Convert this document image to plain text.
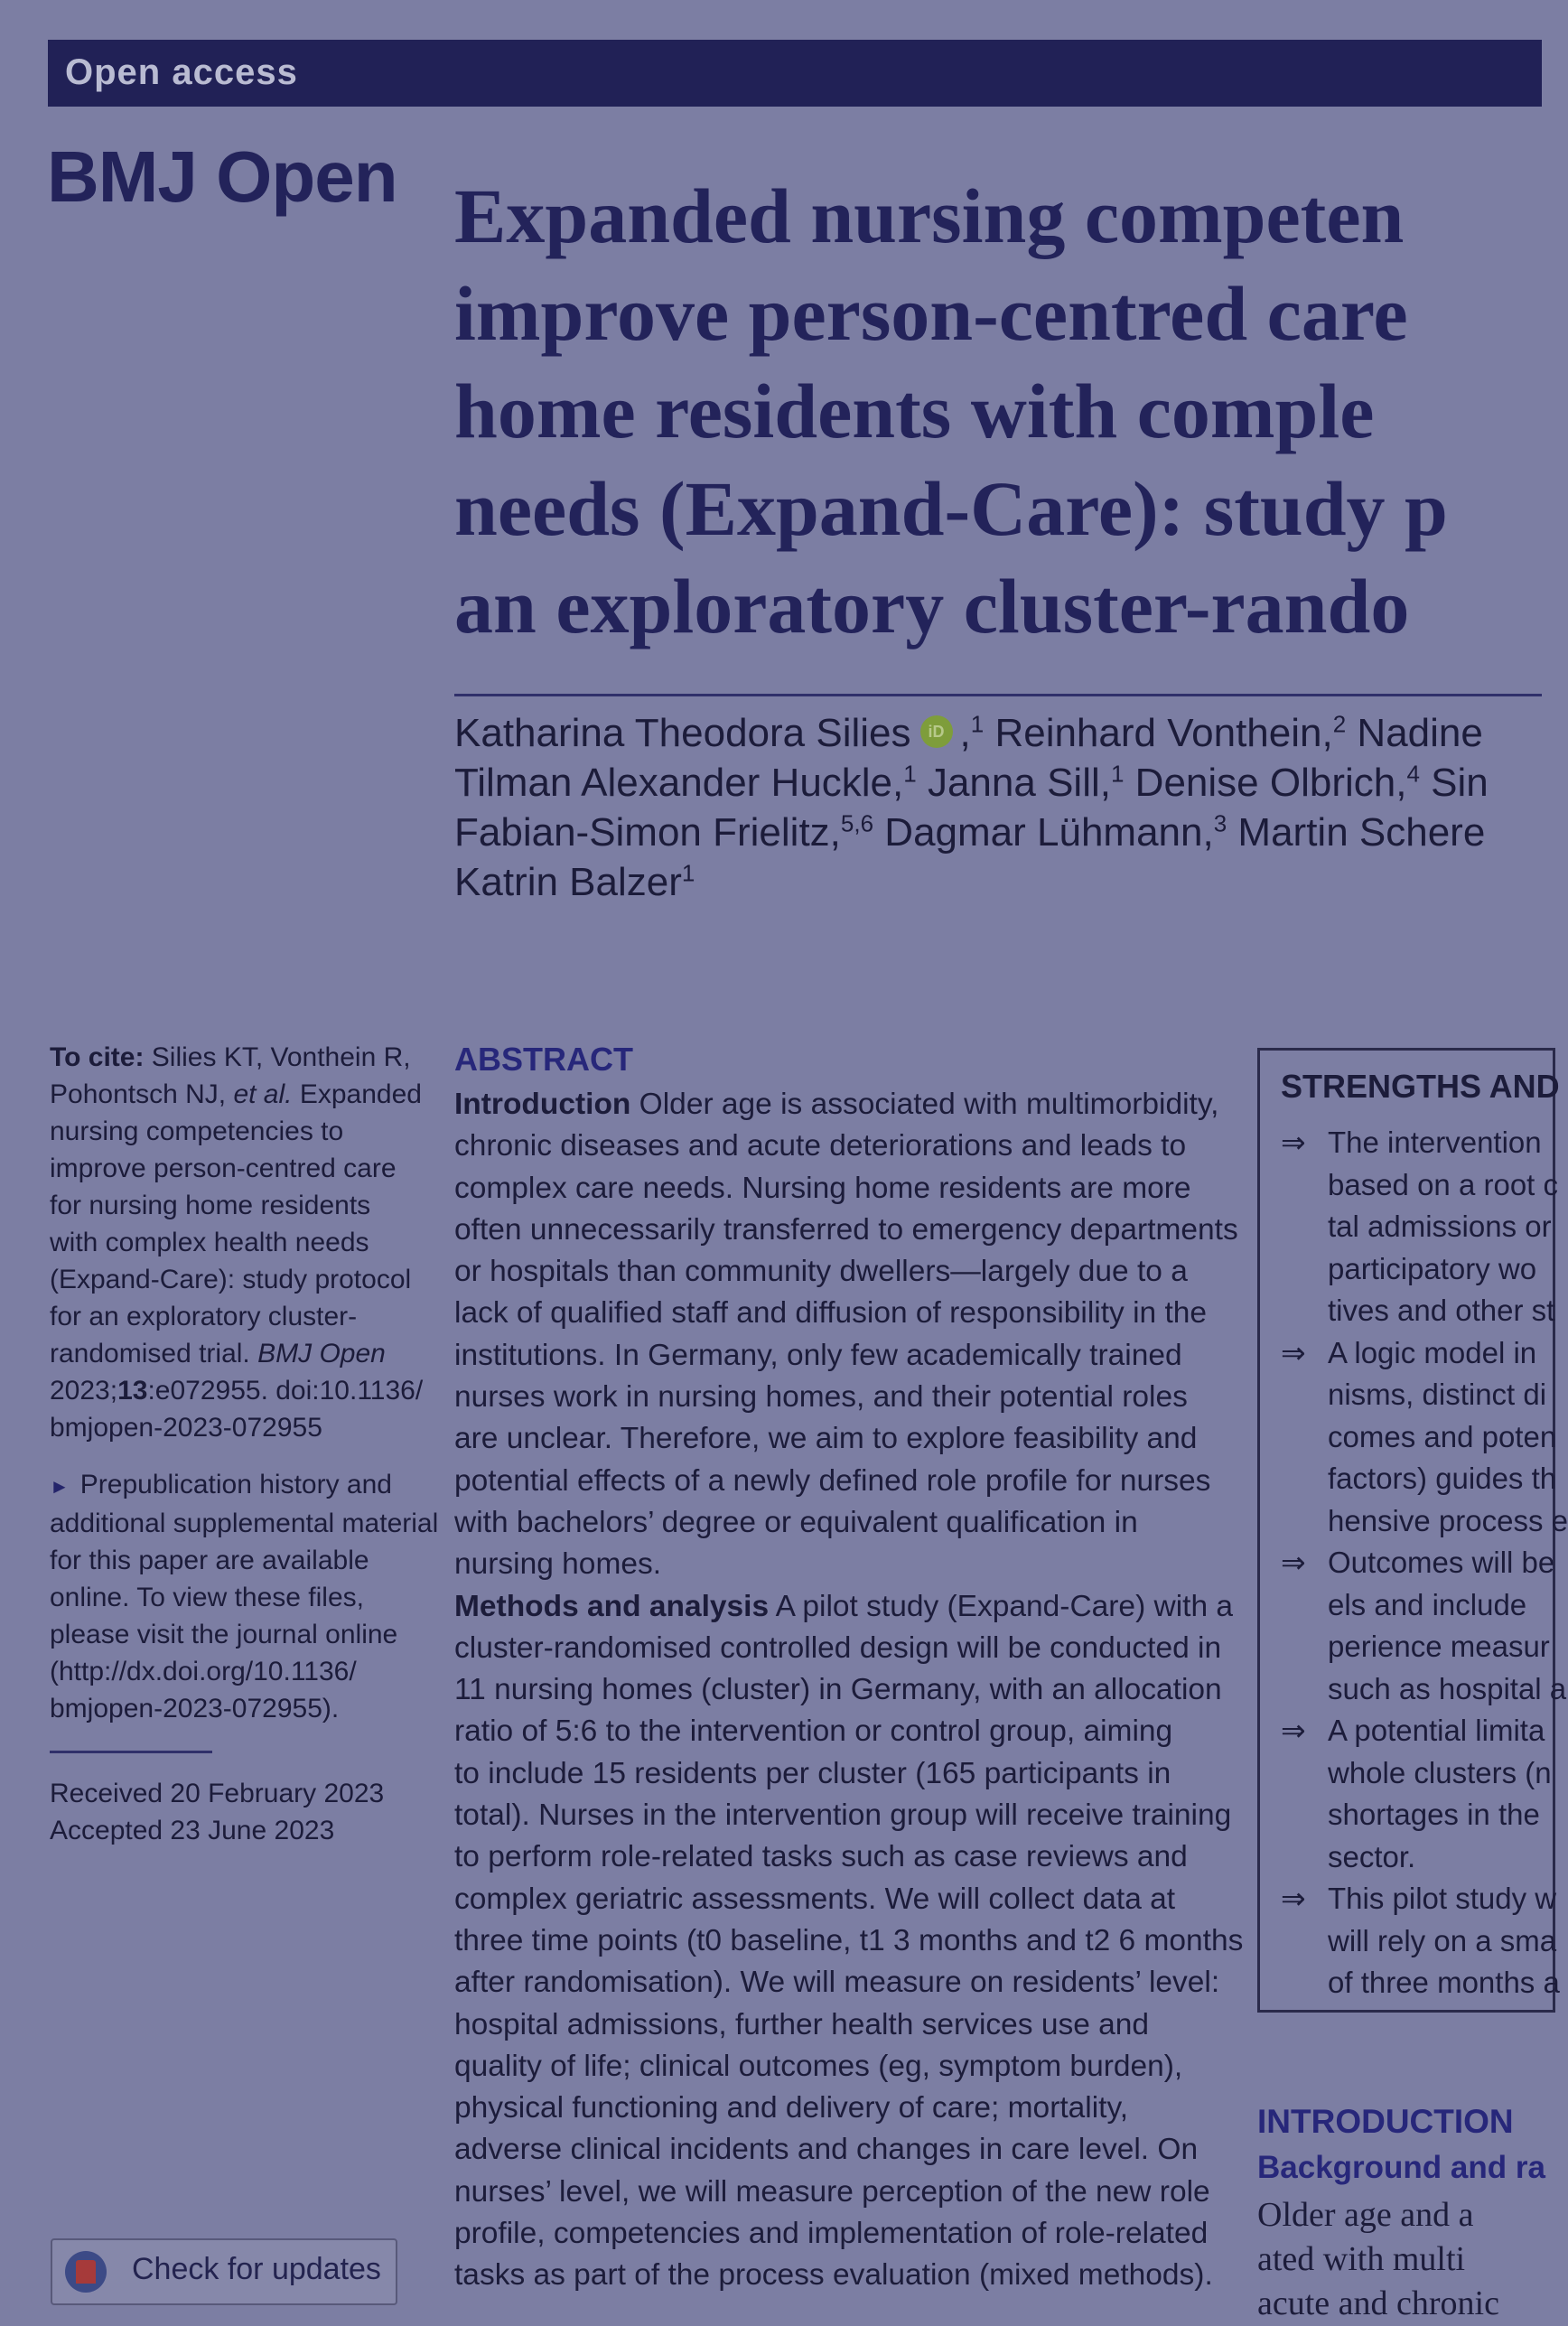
Open access
BMJ Open Expanded nursing competen
improve person-centred care
home residents with comple
needs (Expand-Care): study p
an exploratory cluster-rando
Katharina Theodora Silies iD ,$^1$ Reinhard Vonthein,$^2$ Nadine
Tilman Alexander Huckle,$^1$ Janna Sill,$^1$ Denise Olbrich,$^4$ Sin
Fabian-Simon Frielitz,$^{5,6}$ Dagmar Lühmann,$^3$ Martin Schere
Katrin Balzer$^1$

To cite: Silies KT, Vonthein R,
Pohontsch NJ, et al. Expanded
nursing competencies to
improve person-centred care
for nursing home residents
with complex health needs
(Expand-Care): study protocol
for an exploratory cluster-
randomised trial. BMJ Open
2023;13:e072955. doi:10.1136/
bmjopen-2023-072955

► Prepublication history and
additional supplemental material
for this paper are available
online. To view these files,
please visit the journal online
(http://dx.doi.org/10.1136/
bmjopen-2023-072955).

Received 20 February 2023
Accepted 23 June 2023

Check for updates
ABSTRACT
Introduction Older age is associated with multimorbidity,
chronic diseases and acute deteriorations and leads to
complex care needs. Nursing home residents are more
often unnecessarily transferred to emergency departments
or hospitals than community dwellers—largely due to a
lack of qualified staff and diffusion of responsibility in the
institutions. In Germany, only few academically trained
nurses work in nursing homes, and their potential roles
are unclear. Therefore, we aim to explore feasibility and
potential effects of a newly defined role profile for nurses
with bachelors’ degree or equivalent qualification in
nursing homes.
Methods and analysis A pilot study (Expand-Care) with a
cluster-randomised controlled design will be conducted in
11 nursing homes (cluster) in Germany, with an allocation
ratio of 5:6 to the intervention or control group, aiming
to include 15 residents per cluster (165 participants in
total). Nurses in the intervention group will receive training
to perform role-related tasks such as case reviews and
complex geriatric assessments. We will collect data at
three time points (t0 baseline, t1 3 months and t2 6 months
after randomisation). We will measure on residents’ level:
hospital admissions, further health services use and
quality of life; clinical outcomes (eg, symptom burden),
physical functioning and delivery of care; mortality,
adverse clinical incidents and changes in care level. On
nurses’ level, we will measure perception of the new role
profile, competencies and implementation of role-related
tasks as part of the process evaluation (mixed methods).
STRENGTHS AND
⇒ The intervention
based on a root c
tal admissions or
participatory wo
tives and other st
⇒ A logic model in
nisms, distinct di
comes and poten
factors) guides th
hensive process e
⇒ Outcomes will be
els and include
perience measur
such as hospital a
⇒ A potential limita
whole clusters (n
shortages in the
sector.
⇒ This pilot study w
will rely on a sma
of three months a
INTRODUCTION
Background and ra
Older age and a
ated with multi
acute and chronic
